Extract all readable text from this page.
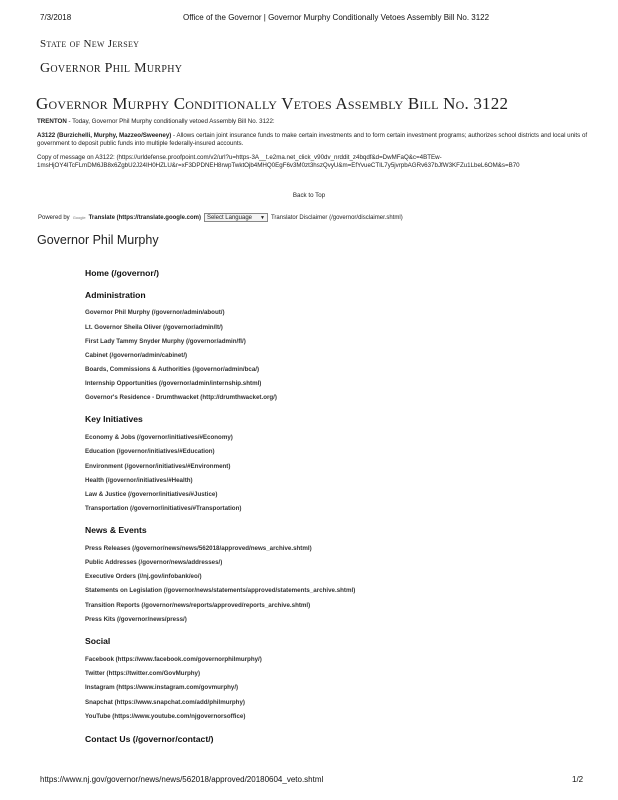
7/3/2018	Office of the Governor | Governor Murphy Conditionally Vetoes Assembly Bill No. 3122
State of New Jersey
Governor Phil Murphy
Governor Murphy Conditionally Vetoes Assembly Bill No. 3122
TRENTON - Today, Governor Phil Murphy conditionally vetoed Assembly Bill No. 3122:
A3122 (Burzichelli, Murphy, Mazzeo/Sweeney) - Allows certain joint insurance funds to make certain investments and to form certain investment programs; authorizes school districts and local units of government to deposit public funds into multiple federally-insured accounts.
Copy of message on A3122: (https://urldefense.proofpoint.com/v2/url?u=https-3A__t.e2ma.net_click_v90dv_nrddit_z4bqdf&d=DwMFaQ&c=4BTEw-
1msHjOY4ITcFLmDM6JB8x6ZgbU2J24IH0HZLU&r=xF3DPDNEH8rwpTwktOjb4MHQ0EgF6v3M0zt3hszQvyU&m=EfYvueCTIL7y5jvrpbAGRv637bJfW3KFZu1LbeL6OM&s=B70
Back to Top
Powered by Google Translate (https://translate.google.com) Select Language ▼ Translator Disclaimer (/governor/disclaimer.shtml)
Governor Phil Murphy
Home (/governor/)
Administration
Governor Phil Murphy (/governor/admin/about/)
Lt. Governor Sheila Oliver (/governor/admin/lt/)
First Lady Tammy Snyder Murphy (/governor/admin/fl/)
Cabinet (/governor/admin/cabinet/)
Boards, Commissions & Authorities (/governor/admin/bca/)
Internship Opportunities (/governor/admin/internship.shtml)
Governor's Residence - Drumthwacket (http://drumthwacket.org/)
Key Initiatives
Economy & Jobs (/governor/initiatives/#Economy)
Education (/governor/initiatives/#Education)
Environment (/governor/initiatives/#Environment)
Health (/governor/initiatives/#Health)
Law & Justice (/governor/initiatives/#Justice)
Transportation (/governor/initiatives/#Transportation)
News & Events
Press Releases (/governor/news/news/562018/approved/news_archive.shtml)
Public Addresses (/governor/news/addresses/)
Executive Orders (//nj.gov/infobank/eo/)
Statements on Legislation (/governor/news/statements/approved/statements_archive.shtml)
Transition Reports (/governor/news/reports/approved/reports_archive.shtml)
Press Kits (/governor/news/press/)
Social
Facebook (https://www.facebook.com/governorphilmurphy/)
Twitter (https://twitter.com/GovMurphy)
Instagram (https://www.instagram.com/govmurphy/)
Snapchat (https://www.snapchat.com/add/philmurphy)
YouTube (https://www.youtube.com/njgovernorsoffice)
Contact Us (/governor/contact/)
https://www.nj.gov/governor/news/news/562018/approved/20180604_veto.shtml	1/2
